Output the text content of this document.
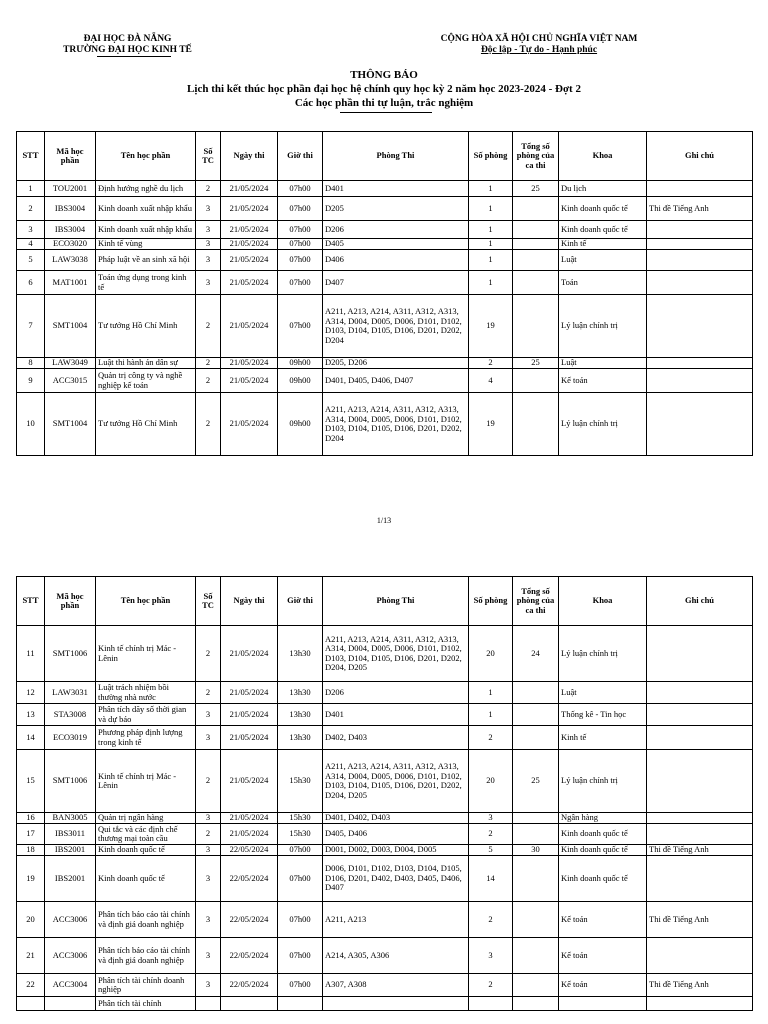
ĐẠI HỌC ĐÀ NẴNG
TRƯỜNG ĐẠI HỌC KINH TẾ
CỘNG HÒA XÃ HỘI CHỦ NGHĨA VIỆT NAM
Độc lập - Tự do - Hạnh phúc
THÔNG BÁO
Lịch thi kết thúc học phần đại học hệ chính quy học kỳ 2 năm học 2023-2024 - Đợt 2
Các học phần thi tự luận, trắc nghiệm
STT	Mã học phần	Tên học phần	Số TC	Ngày thi	Giờ thi	Phòng Thi	Số phòng	Tổng số phòng của ca thi	Khoa	Ghi chú
1	TOU2001	Định hướng nghề du lịch	2	21/05/2024	07h00	D401	1	25	Du lịch	
2	IBS3004	Kinh doanh xuất nhập khẩu	3	21/05/2024	07h00	D205	1		Kinh doanh quốc tế	Thi đề Tiếng Anh
3	IBS3004	Kinh doanh xuất nhập khẩu	3	21/05/2024	07h00	D206	1		Kinh doanh quốc tế	
4	ECO3020	Kinh tế vùng	3	21/05/2024	07h00	D405	1		Kinh tế	
5	LAW3038	Pháp luật về an sinh xã hội	3	21/05/2024	07h00	D406	1		Luật	
6	MAT1001	Toán ứng dụng trong kinh tế	3	21/05/2024	07h00	D407	1		Toán	
7	SMT1004	Tư tưởng Hồ Chí Minh	2	21/05/2024	07h00	A211, A213, A214, A311, A312, A313, A314, D004, D005, D006, D101, D102, D103, D104, D105, D106, D201, D202, D204	19		Lý luận chính trị	
8	LAW3049	Luật thi hành án dân sự	2	21/05/2024	09h00	D205, D206	2	25	Luật	
9	ACC3015	Quản trị công ty và nghề nghiệp kế toán	2	21/05/2024	09h00	D401, D405, D406, D407	4		Kế toán	
10	SMT1004	Tư tưởng Hồ Chí Minh	2	21/05/2024	09h00	A211, A213, A214, A311, A312, A313, A314, D004, D005, D006, D101, D102, D103, D104, D105, D106, D201, D202, D204	19		Lý luận chính trị	
1/13
STT	Mã học phần	Tên học phần	Số TC	Ngày thi	Giờ thi	Phòng Thi	Số phòng	Tổng số phòng của ca thi	Khoa	Ghi chú
11	SMT1006	Kinh tế chính trị Mác - Lênin	2	21/05/2024	13h30	A211, A213, A214, A311, A312, A313, A314, D004, D005, D006, D101, D102, D103, D104, D105, D106, D201, D202, D204, D205	20	24	Lý luận chính trị	
12	LAW3031	Luật trách nhiệm bồi thường nhà nước	2	21/05/2024	13h30	D206	1		Luật	
13	STA3008	Phân tích dãy số thời gian và dự báo	3	21/05/2024	13h30	D401	1		Thống kê - Tin học	
14	ECO3019	Phương pháp định lượng trong kinh tế	3	21/05/2024	13h30	D402, D403	2		Kinh tế	
15	SMT1006	Kinh tế chính trị Mác - Lênin	2	21/05/2024	15h30	A211, A213, A214, A311, A312, A313, A314, D004, D005, D006, D101, D102, D103, D104, D105, D106, D201, D202, D204, D205	20	25	Lý luận chính trị	
16	BAN3005	Quản trị ngân hàng	3	21/05/2024	15h30	D401, D402, D403	3		Ngân hàng	
17	IBS3011	Qui tắc và các định chế thương mại toàn cầu	2	21/05/2024	15h30	D405, D406	2		Kinh doanh quốc tế	
18	IBS2001	Kinh doanh quốc tế	3	22/05/2024	07h00	D001, D002, D003, D004, D005	5	30	Kinh doanh quốc tế	Thi đề Tiếng Anh
19	IBS2001	Kinh doanh quốc tế	3	22/05/2024	07h00	D006, D101, D102, D103, D104, D105, D106, D201, D402, D403, D405, D406, D407	14		Kinh doanh quốc tế	
20	ACC3006	Phân tích báo cáo tài chính và định giá doanh nghiệp	3	22/05/2024	07h00	A211, A213	2		Kế toán	Thi đề Tiếng Anh
21	ACC3006	Phân tích báo cáo tài chính và định giá doanh nghiệp	3	22/05/2024	07h00	A214, A305, A306	3		Kế toán	
22	ACC3004	Phân tích tài chính doanh nghiệp	3	22/05/2024	07h00	A307, A308	2		Kế toán	Thi đề Tiếng Anh
		Phân tích tài chính								
